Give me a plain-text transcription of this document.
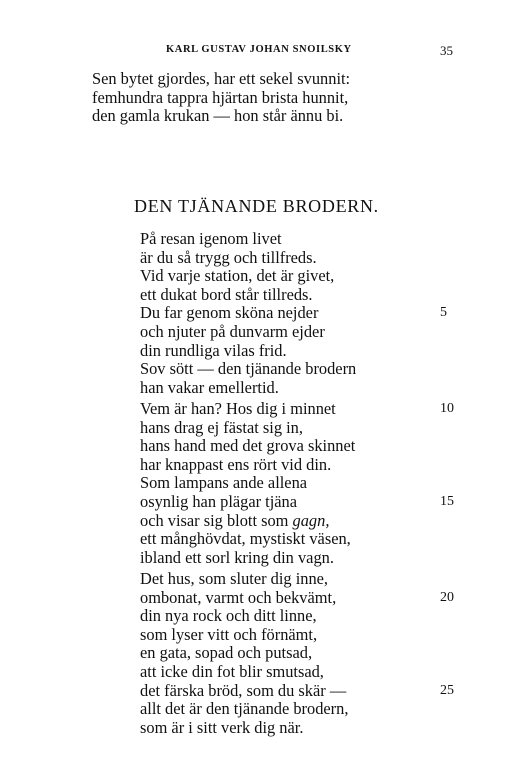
KARL GUSTAV JOHAN SNOILSKY	35
Sen bytet gjordes, har ett sekel svunnit:
femhundra tappra hjärtan brista hunnit,
den gamla krukan — hon står ännu bi.
DEN TJÄNANDE BRODERN.
På resan igenom livet
är du så trygg och tillfreds.
Vid varje station, det är givet,
ett dukat bord står tillreds.
Du far genom sköna nejder	5
och njuter på dunvarm ejder
din rundliga vilas frid.
Sov sött — den tjänande brodern
han vakar emellertid.
Vem är han? Hos dig i minnet	10
hans drag ej fästat sig in,
hans hand med det grova skinnet
har knappast ens rört vid din.
Som lampans ande allena
osynlig han plägar tjäna	15
och visar sig blott som gagn,
ett månghövdat, mystiskt väsen,
ibland ett sorl kring din vagn.
Det hus, som sluter dig inne,
ombonat, varmt och bekvämt,	20
din nya rock och ditt linne,
som lyser vitt och förnämt,
en gata, sopad och putsad,
att icke din fot blir smutsad,
det färska bröd, som du skär —	25
allt det är den tjänande brodern,
som är i sitt verk dig när.
